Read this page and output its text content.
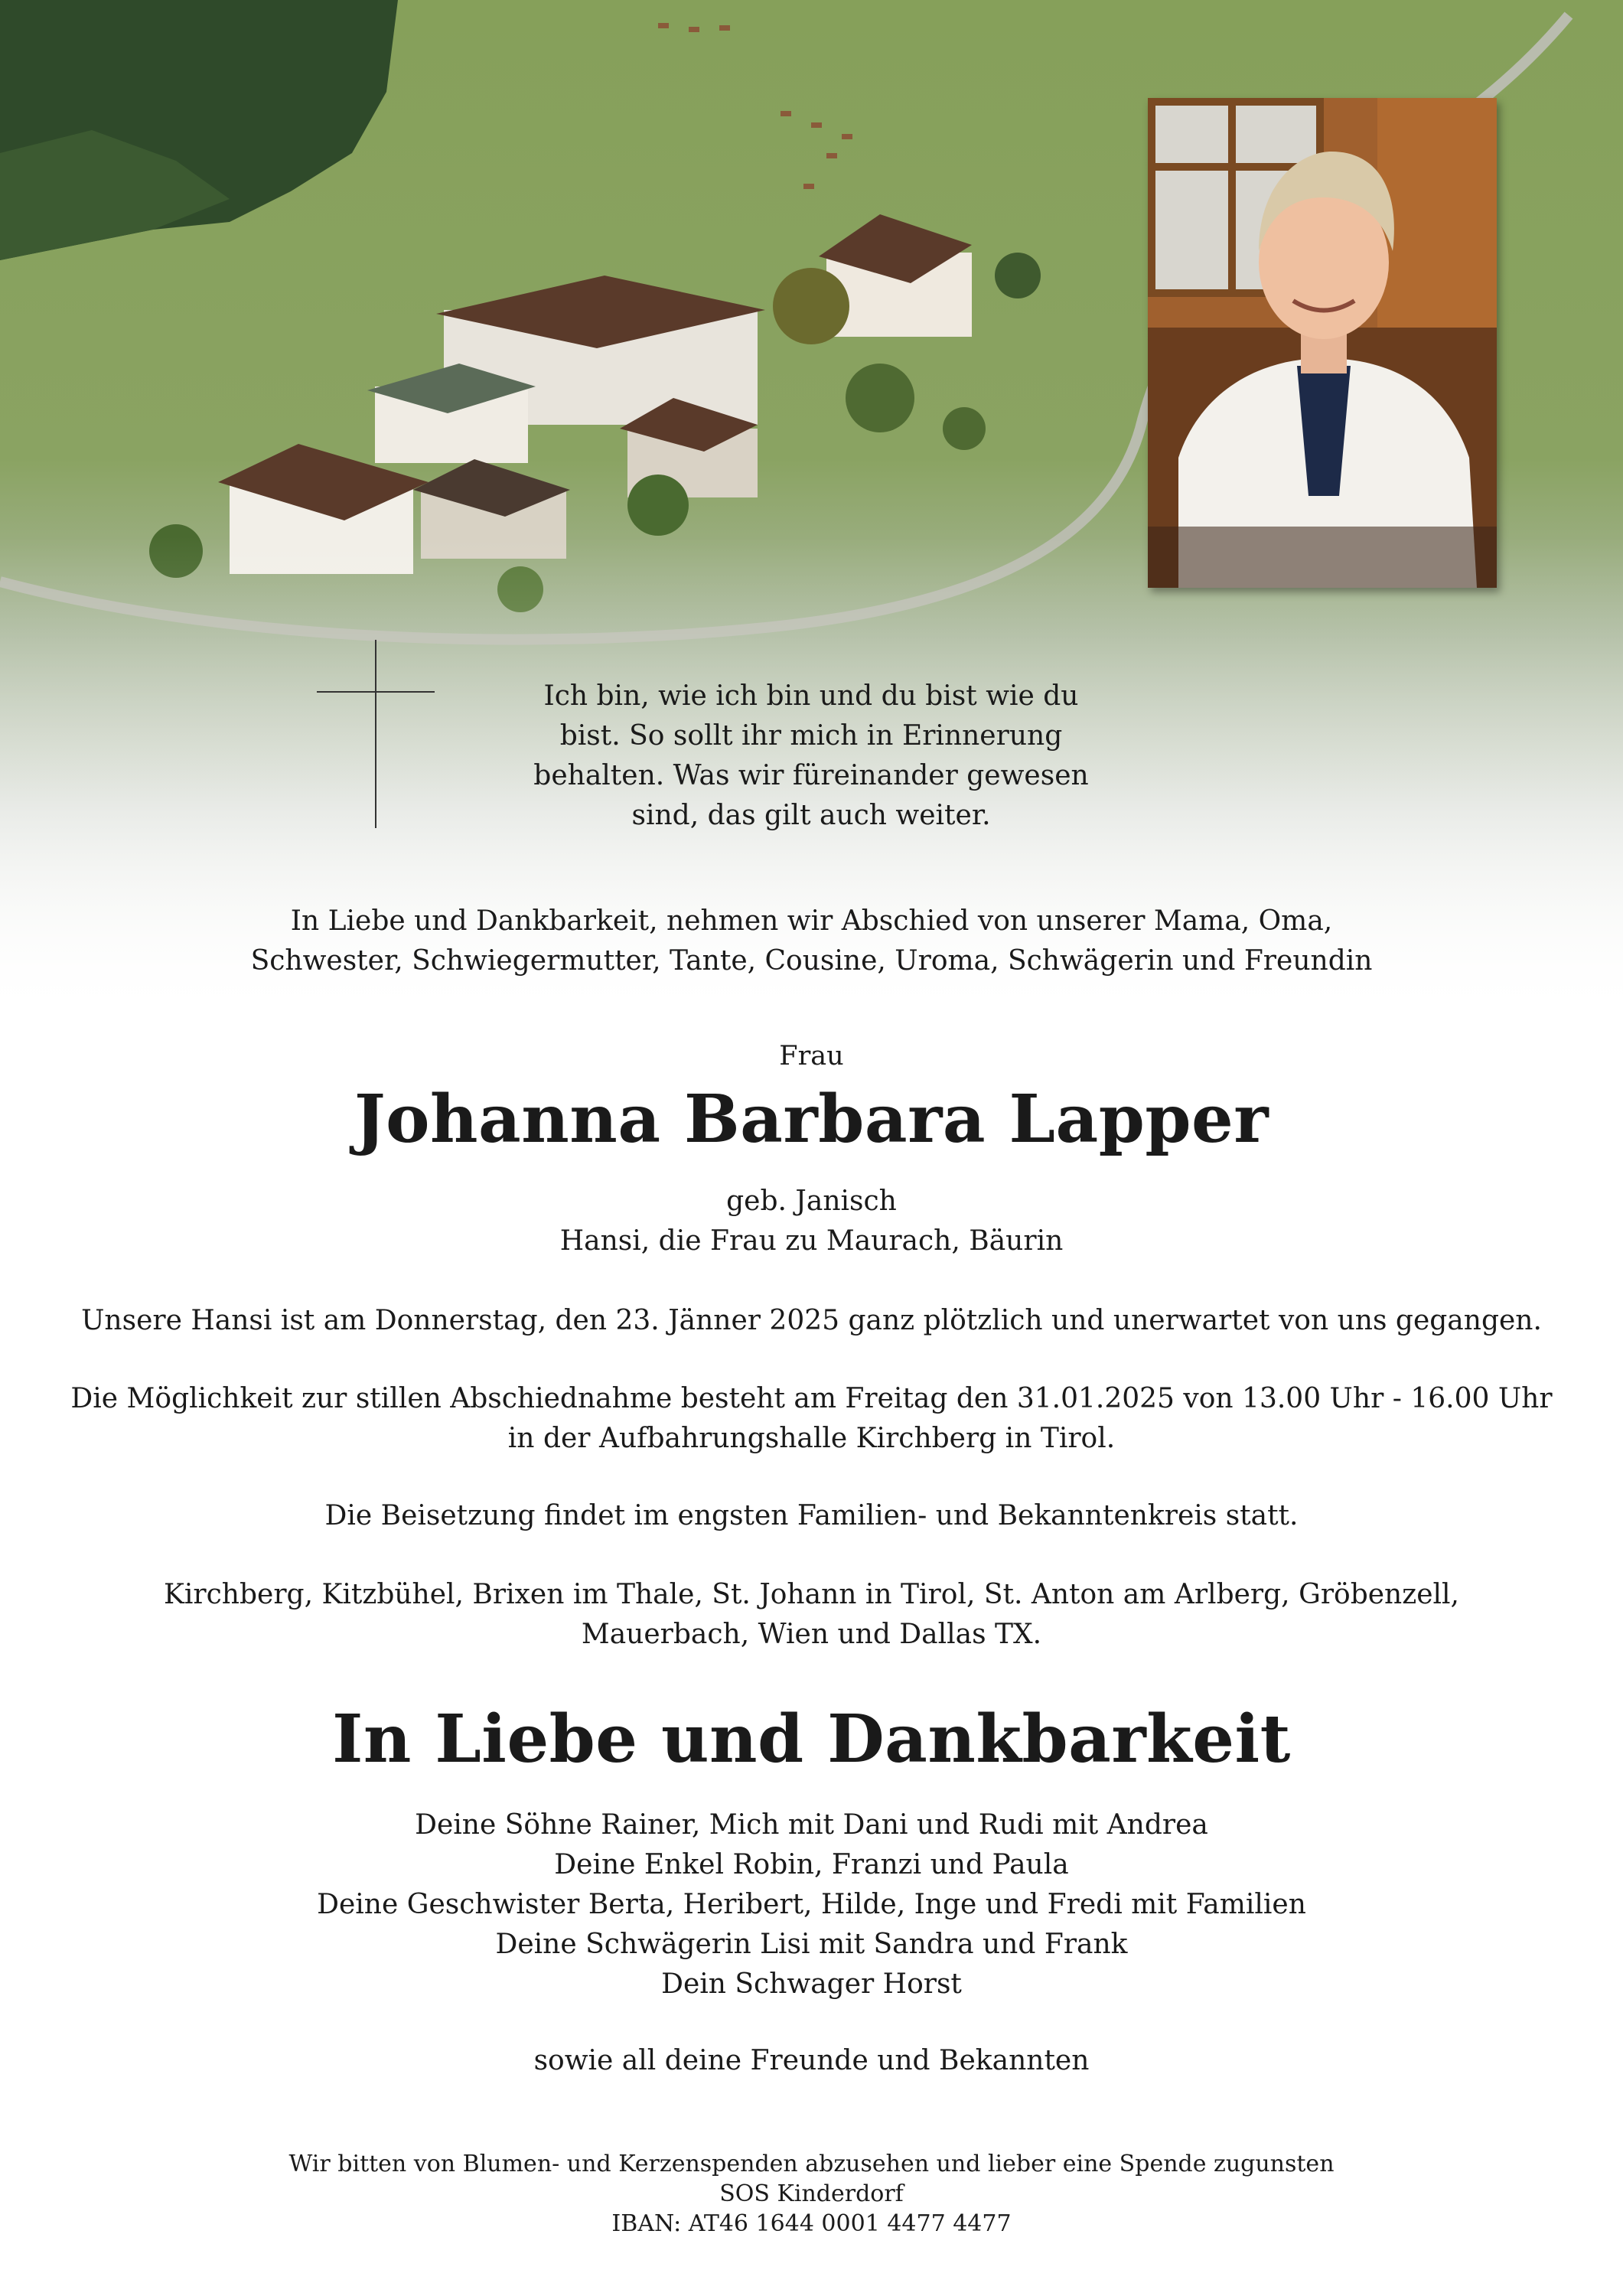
Ich bin, wie ich bin und du bist wie du
bist. So sollt ihr mich in Erinnerung
behalten. Was wir füreinander gewesen
sind, das gilt auch weiter.
In Liebe und Dankbarkeit, nehmen wir Abschied von unserer Mama, Oma,
Schwester, Schwiegermutter, Tante, Cousine, Uroma, Schwägerin und Freundin
Frau
Johanna Barbara Lapper
geb. Janisch
Hansi, die Frau zu Maurach, Bäurin
Unsere Hansi ist am Donnerstag, den 23. Jänner 2025 ganz plötzlich und unerwartet von uns gegangen.
Die Möglichkeit zur stillen Abschiednahme besteht am Freitag den 31.01.2025 von 13.00 Uhr - 16.00 Uhr
in der Aufbahrungshalle Kirchberg in Tirol.
Die Beisetzung findet im engsten Familien- und Bekanntenkreis statt.
Kirchberg, Kitzbühel, Brixen im Thale, St. Johann in Tirol, St. Anton am Arlberg, Gröbenzell,
Mauerbach, Wien und Dallas TX.
In Liebe und Dankbarkeit
Deine Söhne Rainer, Mich mit Dani und Rudi mit Andrea
Deine Enkel Robin, Franzi und Paula
Deine Geschwister Berta, Heribert, Hilde, Inge und Fredi mit Familien
Deine Schwägerin Lisi mit Sandra und Frank
Dein Schwager Horst
sowie all deine Freunde und Bekannten
Wir bitten von Blumen- und Kerzenspenden abzusehen und lieber eine Spende zugunsten
SOS Kinderdorf
IBAN: AT46 1644 0001 4477 4477
